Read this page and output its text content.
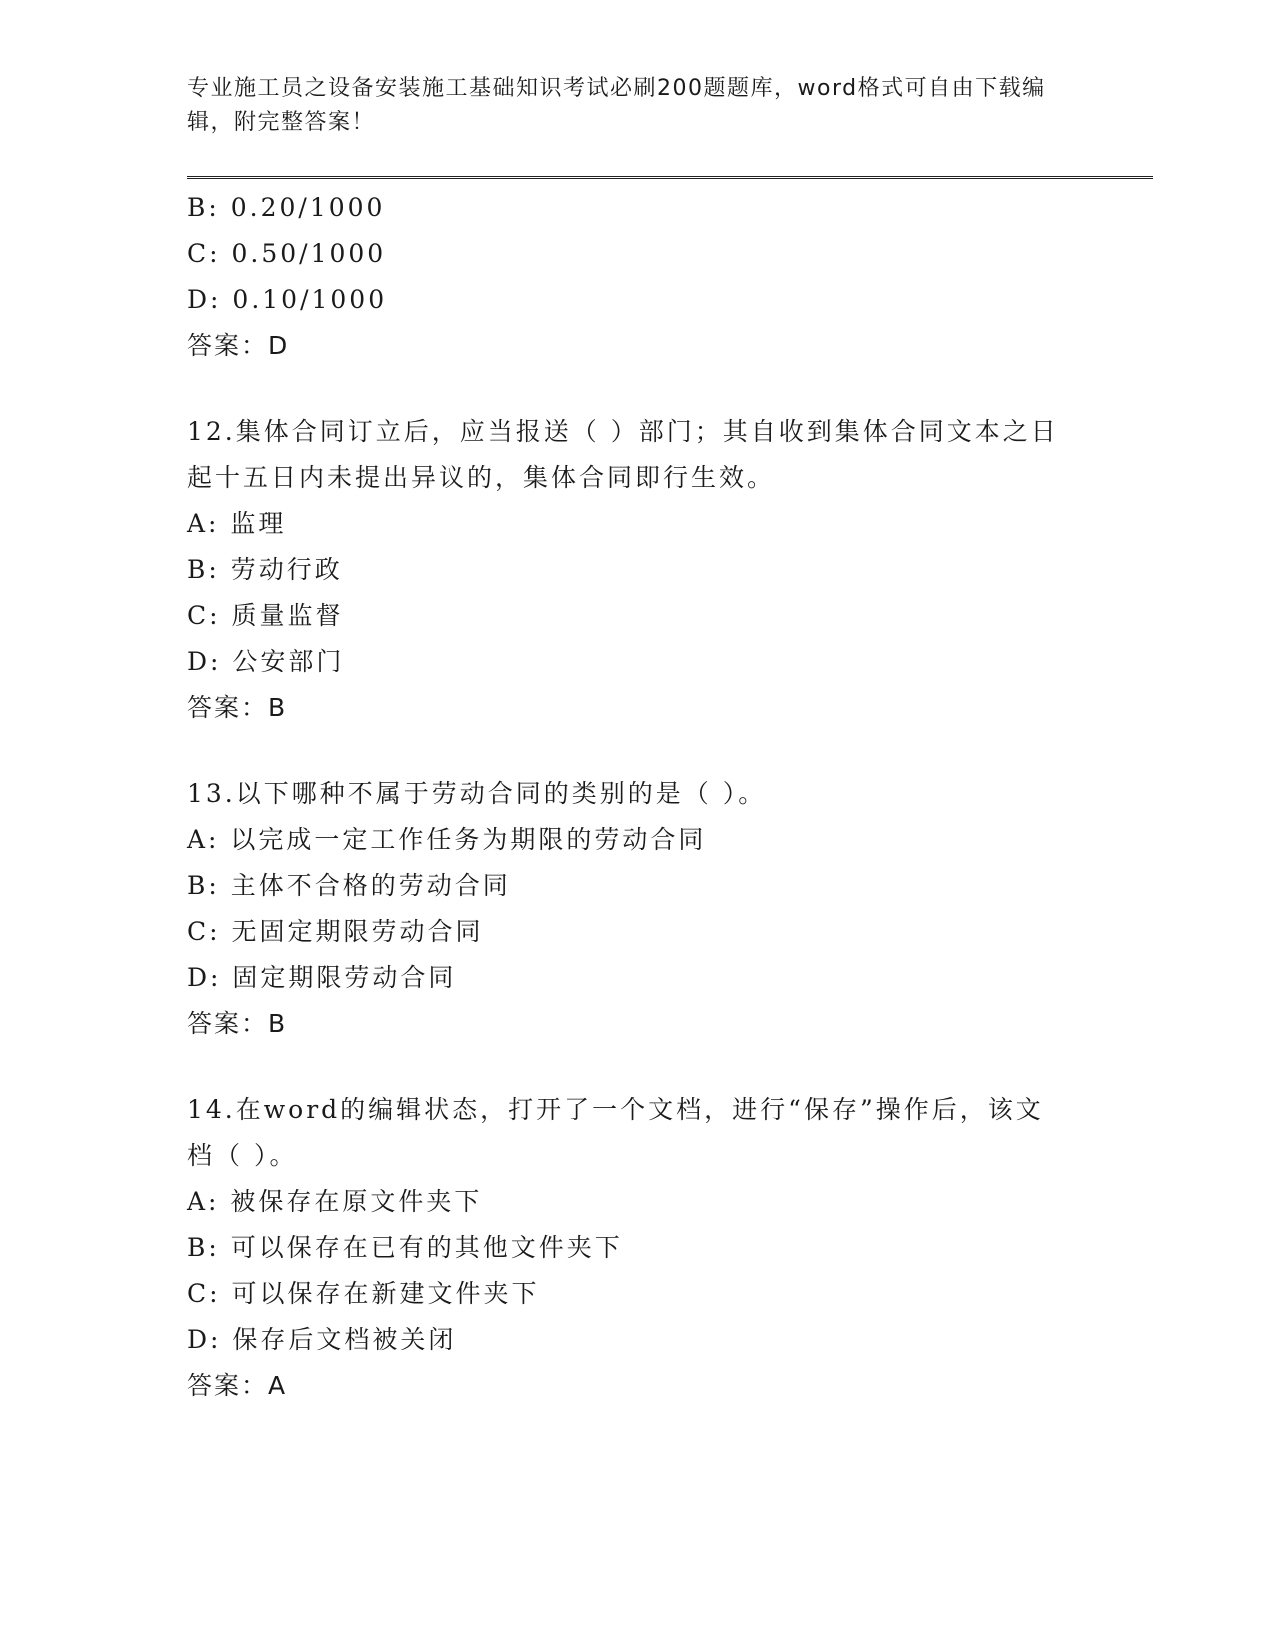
专业施工员之设备安装施工基础知识考试必刷200题题库，word格式可自由下载编辑，附完整答案！

B: 0.20/1000

C: 0.50/1000

D: 0.10/1000

答案：D

12.集体合同订立后，应当报送（ ）部门；其自收到集体合同文本之日起十五日内未提出异议的，集体合同即行生效。

A: 监理

B: 劳动行政

C: 质量监督

D: 公安部门

答案：B

13.以下哪种不属于劳动合同的类别的是（ ）。

A: 以完成一定工作任务为期限的劳动合同

B: 主体不合格的劳动合同

C: 无固定期限劳动合同

D: 固定期限劳动合同

答案：B

14.在word的编辑状态，打开了一个文档，进行“保存”操作后，该文档（ ）。

A: 被保存在原文件夹下

B: 可以保存在已有的其他文件夹下

C: 可以保存在新建文件夹下

D: 保存后文档被关闭

答案：A
